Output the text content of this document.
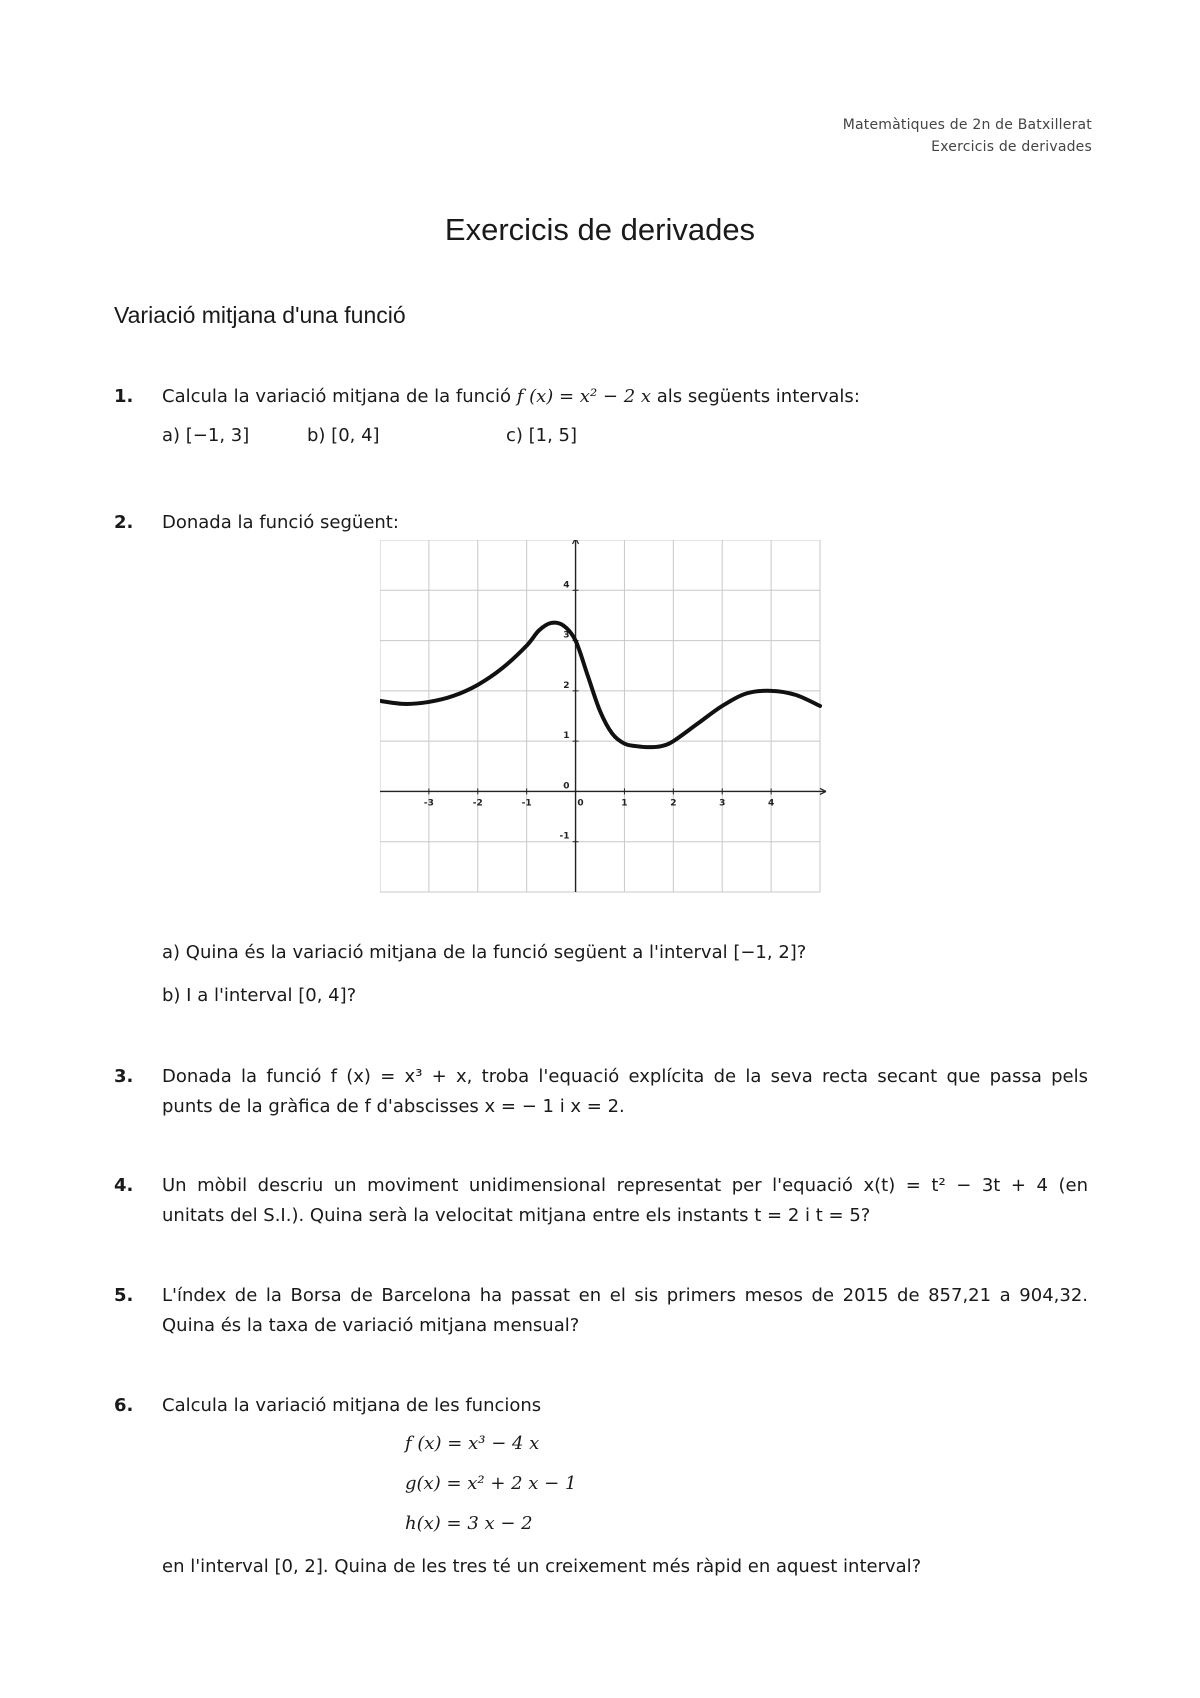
Matemàtiques de 2n de Batxillerat
Exercicis de derivades
Exercicis de derivades
Variació mitjana d'una funció
1. Calcula la variació mitjana de la funció f (x) = x² − 2 x als següents intervals:
a) [−1, 3]	b) [0, 4]	c) [1, 5]
2. Donada la funció següent:
-3	-2	-1	0	1	2	3	4
-1
0
1
2
3
4
a) Quina és la variació mitjana de la funció següent a l'interval [−1, 2]?
b) I a l'interval [0, 4]?
3. Donada la funció f (x) = x³ + x, troba l'equació explícita de la seva recta secant que passa pels
punts de la gràfica de f d'abscisses x = − 1 i x = 2.
4. Un mòbil descriu un moviment unidimensional representat per l'equació x(t) = t² − 3t + 4 (en
unitats del S.I.). Quina serà la velocitat mitjana entre els instants t = 2 i t = 5?
5. L'índex de la Borsa de Barcelona ha passat en el sis primers mesos de 2015 de 857,21 a 904,32.
Quina és la taxa de variació mitjana mensual?
6. Calcula la variació mitjana de les funcions
f (x) = x³ − 4 x
g(x) = x² + 2 x − 1
h(x) = 3 x − 2
en l'interval [0, 2]. Quina de les tres té un creixement més ràpid en aquest interval?
